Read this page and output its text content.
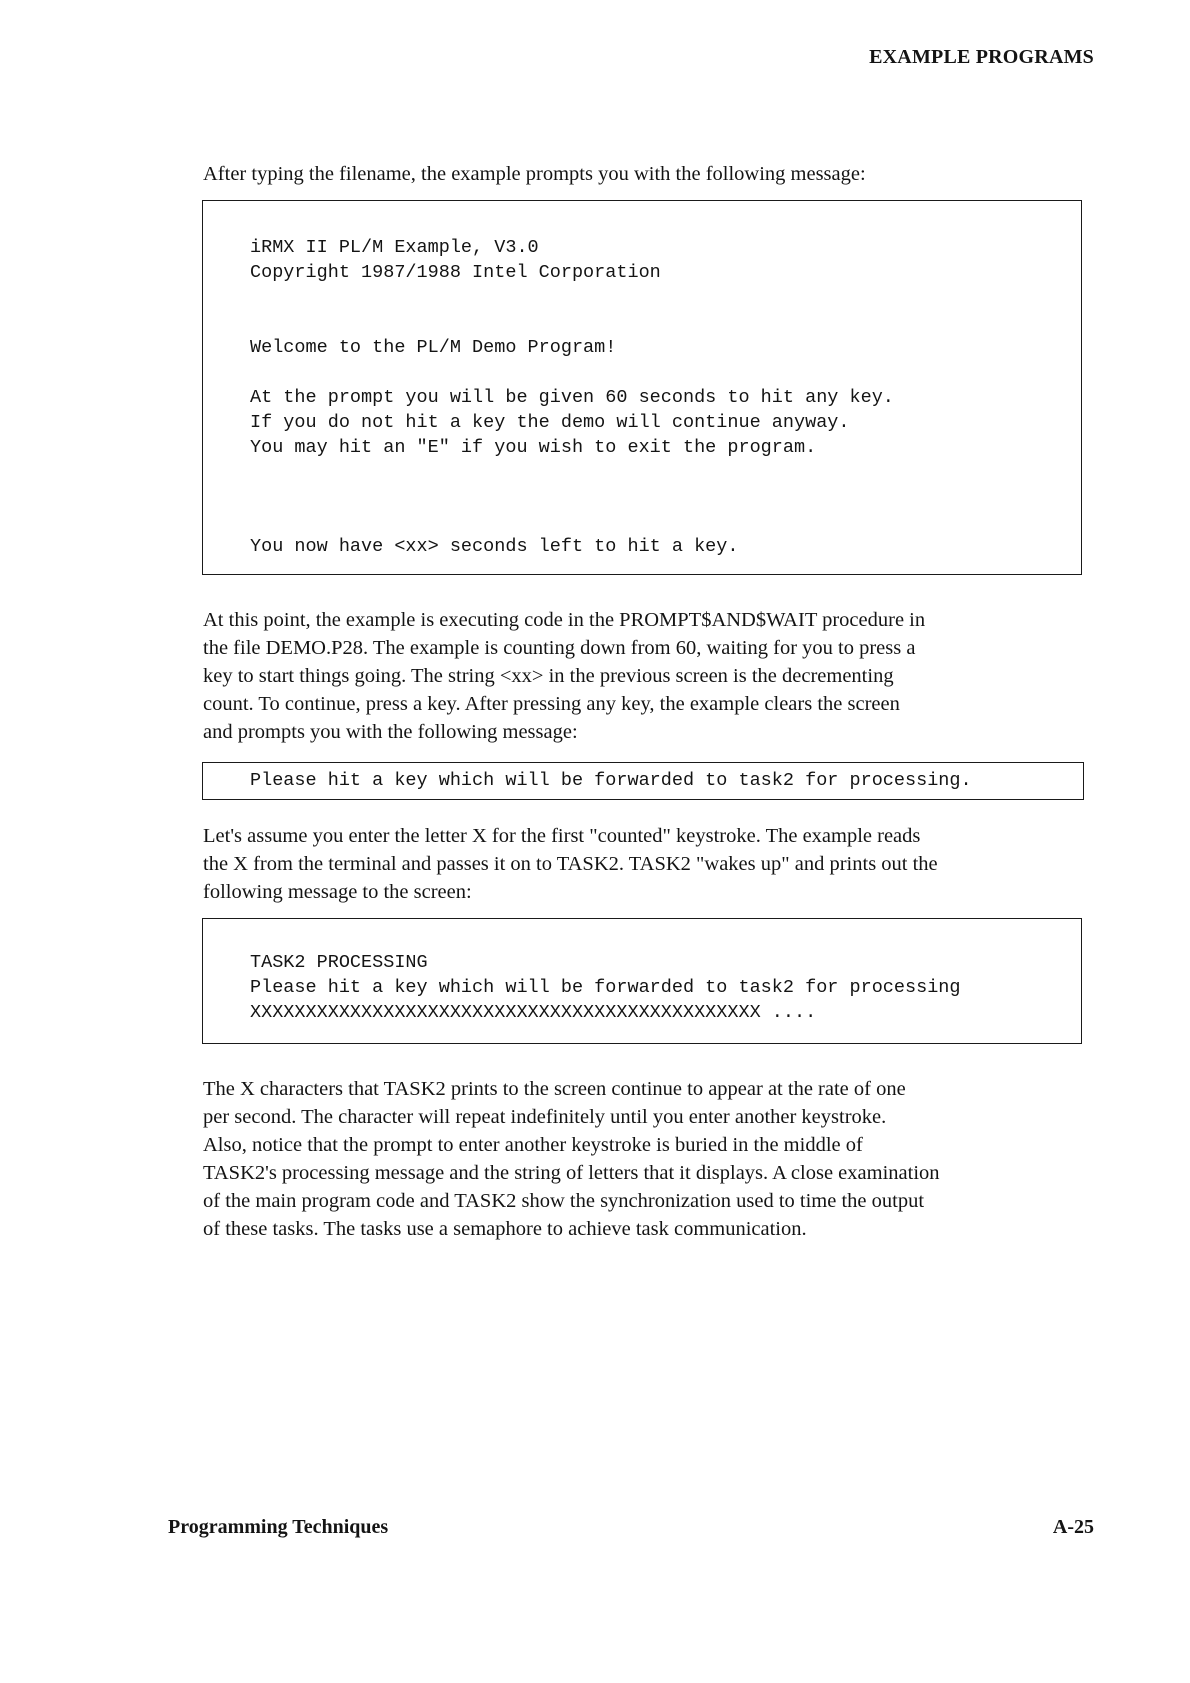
EXAMPLE PROGRAMS

After typing the filename, the example prompts you with the following message:

iRMX II PL/M Example, V3.0
Copyright 1987/1988 Intel Corporation
Welcome to the PL/M Demo Program!
At the prompt you will be given 60 seconds to hit any key.
If you do not hit a key the demo will continue anyway.
You may hit an "E" if you wish to exit the program.
You now have <xx> seconds left to hit a key.

At this point, the example is executing code in the PROMPT$AND$WAIT procedure in

the file DEMO.P28. The example is counting down from 60, waiting for you to press a

key to start things going. The string <xx> in the previous screen is the decrementing

count. To continue, press a key. After pressing any key, the example clears the screen

and prompts you with the following message:

Please hit a key which will be forwarded to task2 for processing.

Let's assume you enter the letter X for the first "counted" keystroke. The example reads

the X from the terminal and passes it on to TASK2. TASK2 "wakes up" and prints out the

following message to the screen:

TASK2 PROCESSING
Please hit a key which will be forwarded to task2 for processing
XXXXXXXXXXXXXXXXXXXXXXXXXXXXXXXXXXXXXXXXXXXXXX ....

The X characters that TASK2 prints to the screen continue to appear at the rate of one

per second. The character will repeat indefinitely until you enter another keystroke.

Also, notice that the prompt to enter another keystroke is buried in the middle of

TASK2's processing message and the string of letters that it displays. A close examination

of the main program code and TASK2 show the synchronization used to time the output

of these tasks. The tasks use a semaphore to achieve task communication.

Programming Techniques	A-25
